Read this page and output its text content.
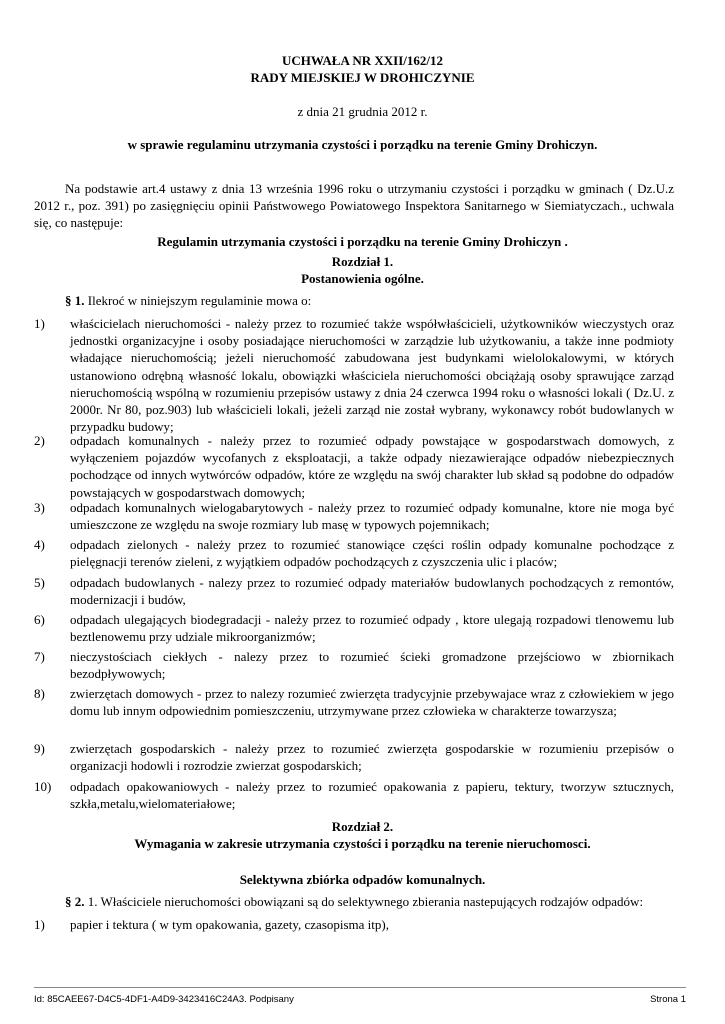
UCHWAŁA NR XXII/162/12
RADY MIEJSKIEJ W DROHICZYNIE
z dnia 21 grudnia 2012 r.
w sprawie regulaminu utrzymania czystości i porządku na terenie Gminy Drohiczyn.
Na podstawie art.4 ustawy z dnia 13 września 1996 roku o utrzymaniu czystości i porządku w gminach ( Dz.U.z 2012 r., poz. 391) po zasięgnięciu opinii Państwowego Powiatowego Inspektora Sanitarnego w Siemiatyczach., uchwala się, co następuje:
Regulamin utrzymania czystości i porządku na terenie Gminy Drohiczyn .
Rozdział 1.
Postanowienia ogólne.
§ 1. Ilekroć w niniejszym regulaminie mowa o:
1)	właścicielach nieruchomości - należy przez to rozumieć także współwłaścicieli, użytkowników wieczystych oraz jednostki organizacyjne i osoby posiadające nieruchomości w zarządzie lub użytkowaniu, a także inne podmioty władające nieruchomością; jeżeli nieruchomość zabudowana jest budynkami wielolokalowymi, w których ustanowiono odrębną własność lokalu, obowiązki właściciela nieruchomości obciążają osoby sprawujące zarząd nieruchomością wspólną w rozumieniu przepisów ustawy z dnia 24 czerwca 1994 roku o własności lokali ( Dz.U. z 2000r. Nr 80, poz.903) lub właścicieli lokali, jeżeli zarząd nie został wybrany, wykonawcy robót budowlanych w przypadku budowy;
2)	odpadach komunalnych - należy przez to rozumieć odpady powstające w gospodarstwach domowych, z wyłączeniem pojazdów wycofanych z eksploatacji, a także odpady niezawierające odpadów niebezpiecznych pochodzące od innych wytwórców odpadów, które ze względu na swój charakter lub skład są podobne do odpadów powstających w gospodarstwach domowych;
3)	odpadach komunalnych wielogabarytowych - należy przez to rozumieć odpady komunalne, ktore nie moga być umieszczone ze względu na swoje rozmiary lub masę w typowych pojemnikach;
4)	odpadach zielonych - należy przez to rozumieć stanowiące części roślin odpady komunalne pochodzące z pielęgnacji terenów zieleni, z wyjątkiem odpadów pochodzących z czyszczenia ulic i placów;
5)	odpadach budowlanych - nalezy przez to rozumieć odpady materiałów budowlanych pochodzących z remontów, modernizacji i budów,
6)	odpadach ulegających biodegradacji - należy przez to rozumieć odpady , ktore ulegają rozpadowi tlenowemu lub beztlenowemu przy udziale mikroorganizmów;
7)	nieczystościach ciekłych - nalezy przez to rozumieć ścieki gromadzone przejściowo w zbiornikach bezodpływowych;
8)	zwierzętach domowych - przez to nalezy rozumieć zwierzęta tradycyjnie przebywajace wraz z człowiekiem w jego domu lub innym odpowiednim pomieszczeniu, utrzymywane przez człowieka w charakterze towarzysza;
9)	zwierzętach gospodarskich - należy przez to rozumieć zwierzęta gospodarskie w rozumieniu przepisów o organizacji hodowli i rozrodzie zwierzat gospodarskich;
10)	odpadach opakowaniowych - należy przez to rozumieć opakowania z papieru, tektury, tworzyw sztucznych, szkła,metalu,wielomateriałowe;
Rozdział 2.
Wymagania w zakresie utrzymania czystości i porządku na terenie nieruchomosci.
Selektywna zbiórka odpadów komunalnych.
§ 2. 1. Właściciele nieruchomości obowiązani są do selektywnego zbierania nastepujących rodzajów odpadów:
1)	papier i tektura ( w tym opakowania, gazety, czasopisma itp),
Id: 85CAEE67-D4C5-4DF1-A4D9-3423416C24A3. Podpisany	Strona 1
